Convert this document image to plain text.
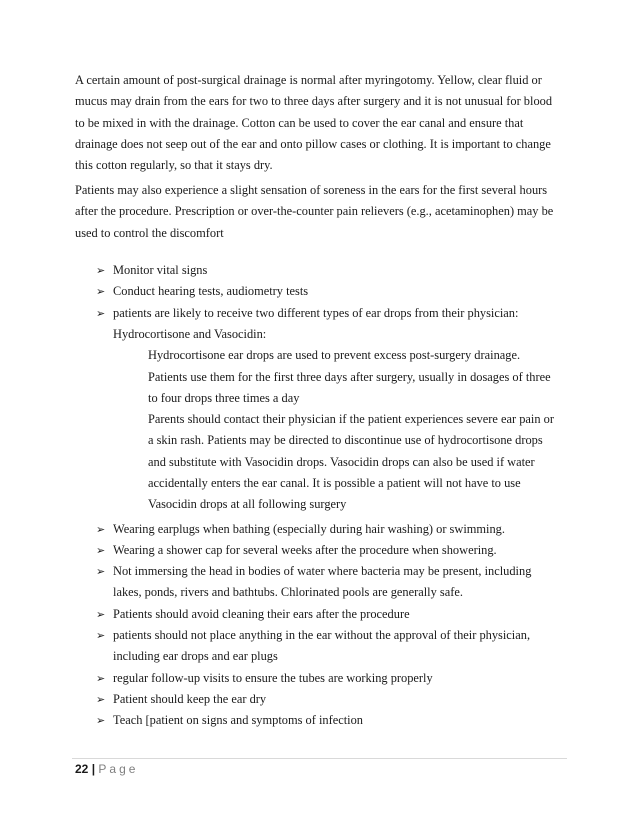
A certain amount of post-surgical drainage is normal after myringotomy. Yellow, clear fluid or
mucus may drain from the ears for two to three days after surgery and it is not unusual for blood
to be mixed in with the drainage. Cotton can be used to cover the ear canal and ensure that
drainage does not seep out of the ear and onto pillow cases or clothing. It is important to change
this cotton regularly, so that it stays dry.

Patients may also experience a slight sensation of soreness in the ears for the first several hours
after the procedure. Prescription or over-the-counter pain relievers (e.g., acetaminophen) may be
used to control the discomfort

➢ Monitor vital signs
➢ Conduct hearing tests, audiometry tests
➢ patients are likely to receive two different types of ear drops from their physician:
Hydrocortisone and Vasocidin:
Hydrocortisone ear drops are used to prevent excess post-surgery drainage.
Patients use them for the first three days after surgery, usually in dosages of three
to four drops three times a day
Parents should contact their physician if the patient experiences severe ear pain or
a skin rash. Patients may be directed to discontinue use of hydrocortisone drops
and substitute with Vasocidin drops. Vasocidin drops can also be used if water
accidentally enters the ear canal. It is possible a patient will not have to use
Vasocidin drops at all following surgery
➢ Wearing earplugs when bathing (especially during hair washing) or swimming.
➢ Wearing a shower cap for several weeks after the procedure when showering.
➢ Not immersing the head in bodies of water where bacteria may be present, including
lakes, ponds, rivers and bathtubs. Chlorinated pools are generally safe.
➢ Patients should avoid cleaning their ears after the procedure
➢ patients should not place anything in the ear without the approval of their physician,
including ear drops and ear plugs
➢ regular follow-up visits to ensure the tubes are working properly
➢ Patient should keep the ear dry
➢ Teach [patient on signs and symptoms of infection
22 | Page
